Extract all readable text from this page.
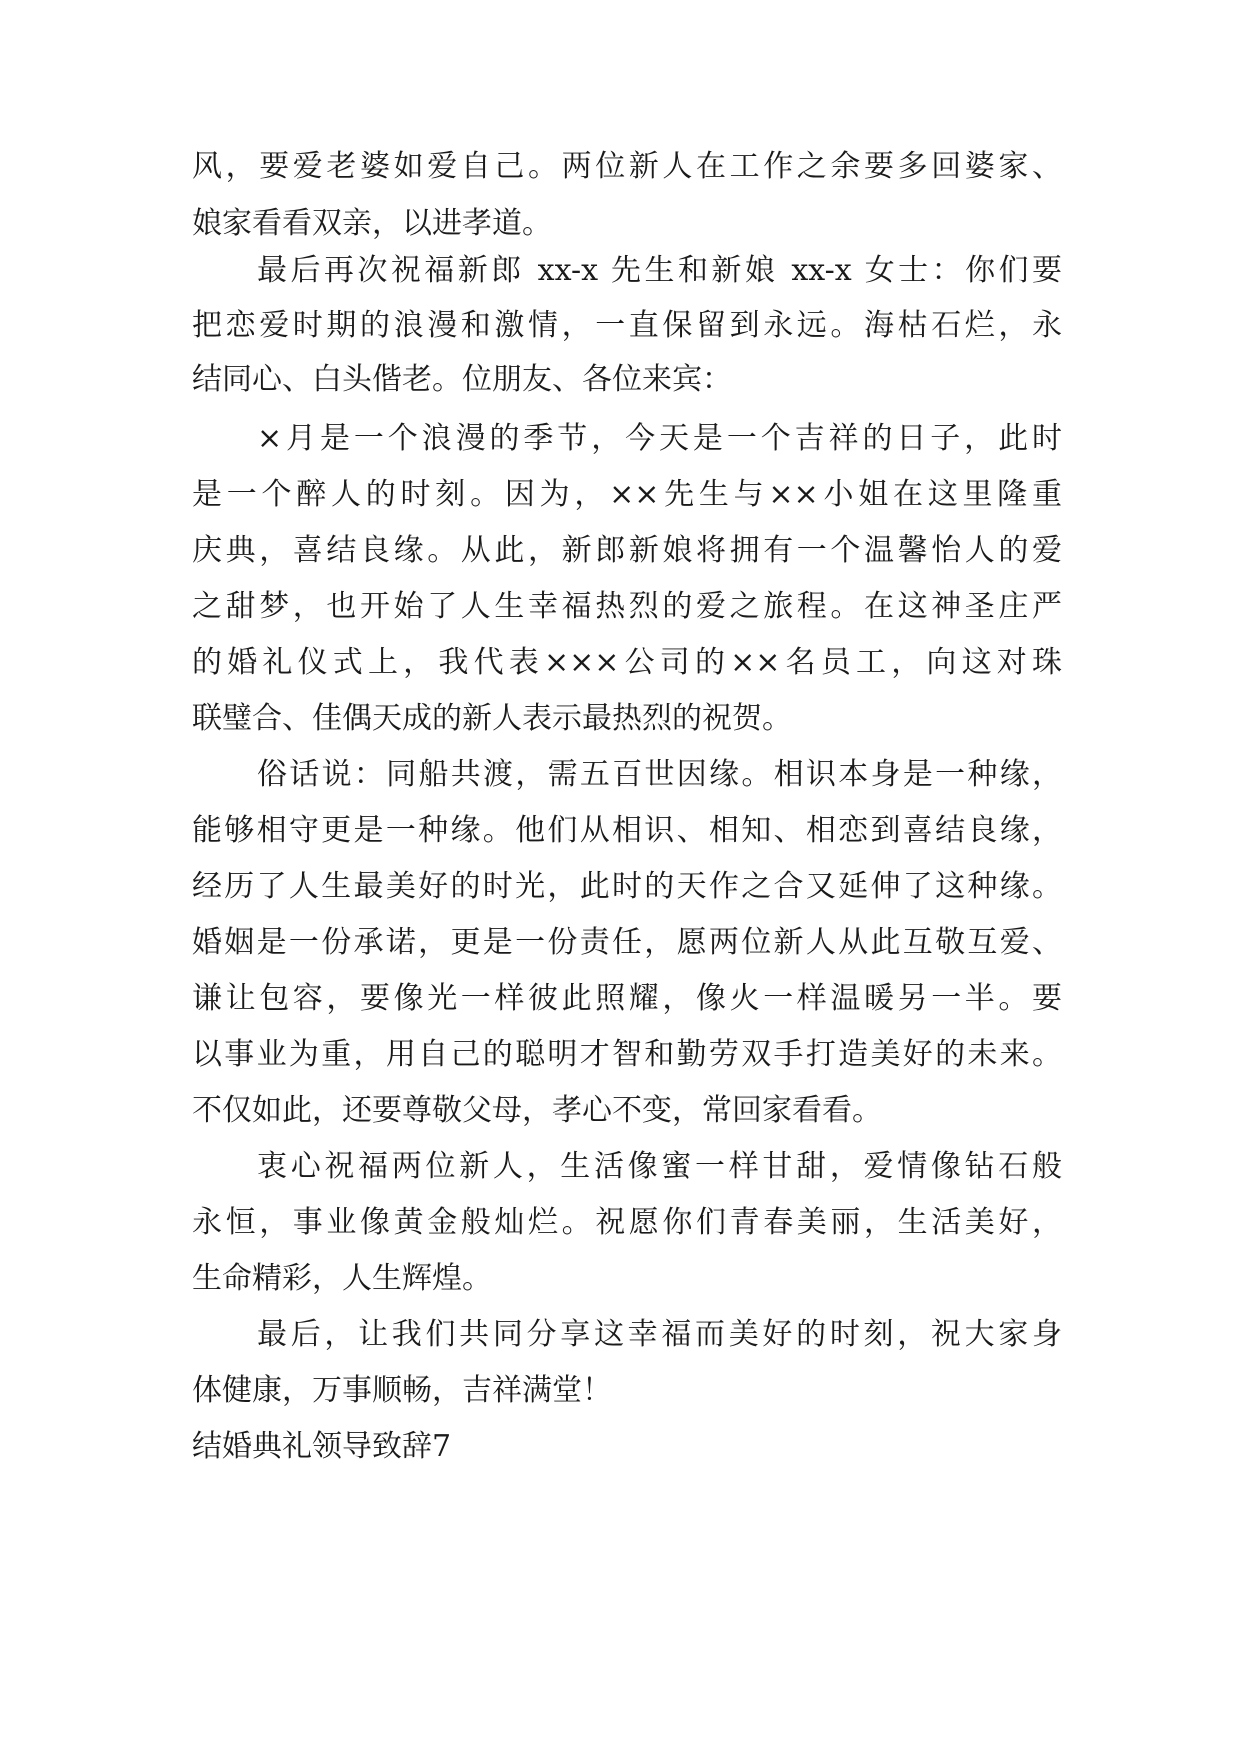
风，要爱老婆如爱自己。两位新人在工作之余要多回婆家、
娘家看看双亲，以进孝道。
最后再次祝福新郎 xx-x 先生和新娘 xx-x 女士：你们要
把恋爱时期的浪漫和激情，一直保留到永远。海枯石烂，永
结同心、白头偕老。位朋友、各位来宾：
×月是一个浪漫的季节，今天是一个吉祥的日子，此时
是一个醉人的时刻。因为，××先生与××小姐在这里隆重
庆典，喜结良缘。从此，新郎新娘将拥有一个温馨怡人的爱
之甜梦，也开始了人生幸福热烈的爱之旅程。在这神圣庄严
的婚礼仪式上，我代表×××公司的××名员工，向这对珠
联璧合、佳偶天成的新人表示最热烈的祝贺。
俗话说：同船共渡，需五百世因缘。相识本身是一种缘，
能够相守更是一种缘。他们从相识、相知、相恋到喜结良缘，
经历了人生最美好的时光，此时的天作之合又延伸了这种缘。
婚姻是一份承诺，更是一份责任，愿两位新人从此互敬互爱、
谦让包容，要像光一样彼此照耀，像火一样温暖另一半。要
以事业为重，用自己的聪明才智和勤劳双手打造美好的未来。
不仅如此，还要尊敬父母，孝心不变，常回家看看。
衷心祝福两位新人，生活像蜜一样甘甜，爱情像钻石般
永恒，事业像黄金般灿烂。祝愿你们青春美丽，生活美好，
生命精彩，人生辉煌。
最后，让我们共同分享这幸福而美好的时刻，祝大家身
体健康，万事顺畅，吉祥满堂！
结婚典礼领导致辞7
